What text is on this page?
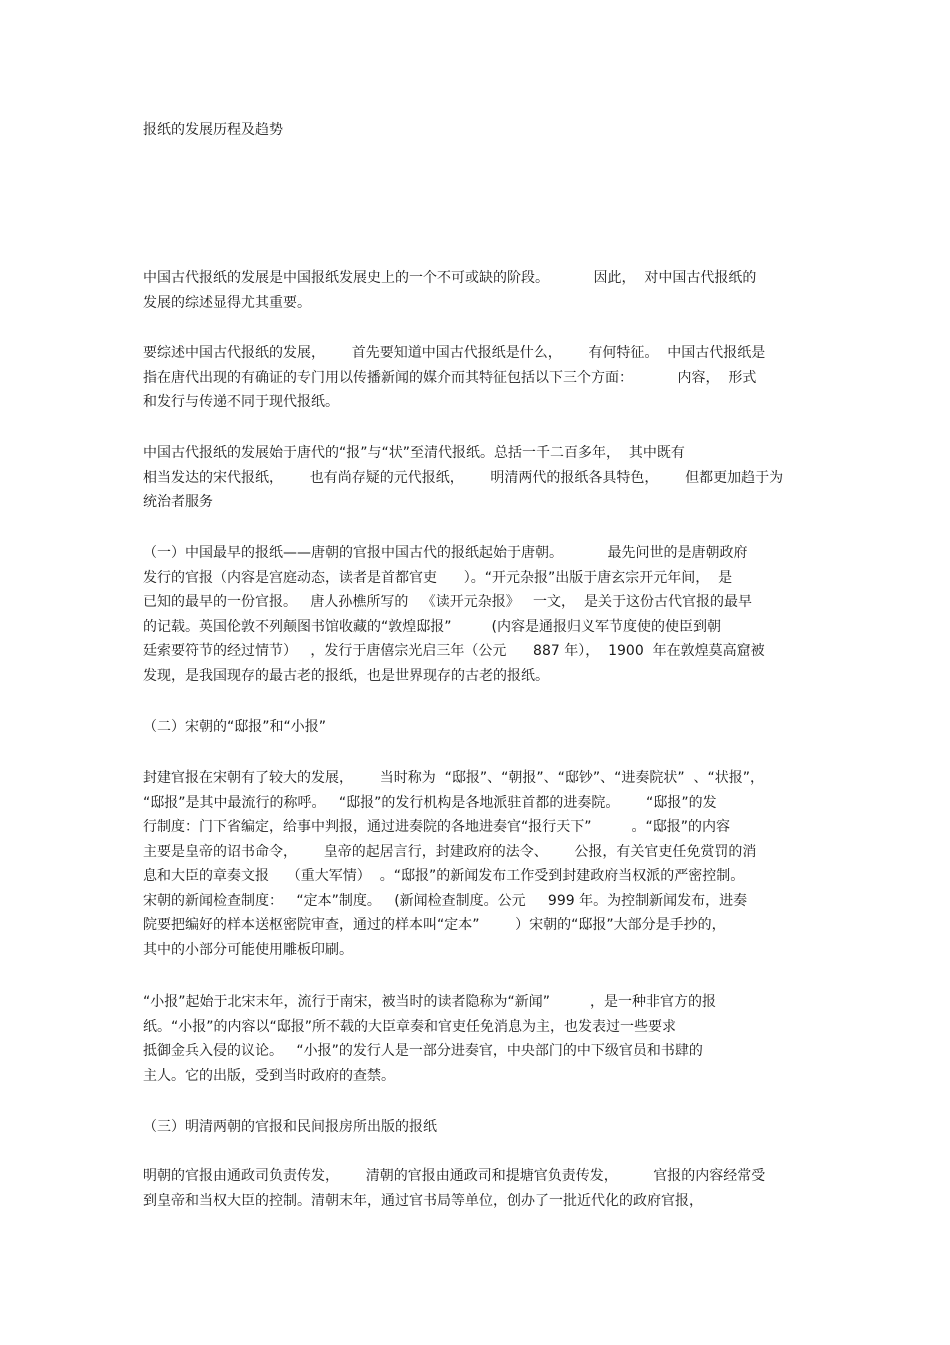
报纸的发展历程及趋势
中国古代报纸的发展是中国报纸发展史上的一个不可或缺的阶段。          因此，  对中国古代报纸的
发展的综述显得尤其重要。
要综述中国古代报纸的发展，      首先要知道中国古代报纸是什么，      有何特征。  中国古代报纸是
指在唐代出现的有确证的专门用以传播新闻的媒介而其特征包括以下三个方面：          内容，  形式
和发行与传递不同于现代报纸。
中国古代报纸的发展始于唐代的“报”与“状”至清代报纸。总括一千二百多年，  其中既有
相当发达的宋代报纸，      也有尚存疑的元代报纸，      明清两代的报纸各具特色，      但都更加趋于为
统治者服务
（一）中国最早的报纸——唐朝的官报中国古代的报纸起始于唐朝。          最先问世的是唐朝政府
发行的官报（内容是宫庭动态，读者是首都官吏      ）。“开元杂报”出版于唐玄宗开元年间，  是
已知的最早的一份官报。   唐人孙樵所写的   《读开元杂报》   一文，  是关于这份古代官报的最早
的记载。英国伦敦不列颠图书馆收藏的“敦煌邸报”         (内容是通报归义军节度使的使臣到朝
廷索要符节的经过情节）   ，发行于唐僖宗光启三年（公元      887 年），  1900  年在敦煌莫高窟被
发现，是我国现存的最古老的报纸，也是世界现存的古老的报纸。
（二）宋朝的“邸报”和“小报”
封建官报在宋朝有了较大的发展，      当时称为  “邸报”、“朝报”、“邸钞”、“进奏院状”  、“状报”，
“邸报”是其中最流行的称呼。   “邸报”的发行机构是各地派驻首都的进奏院。      “邸报”的发
行制度：门下省编定，给事中判报，通过进奏院的各地进奏官“报行天下”         。“邸报”的内容
主要是皇帝的诏书命令，      皇帝的起居言行，封建政府的法令、      公报，有关官吏任免赏罚的消
息和大臣的章奏文报    （重大军情）  。“邸报”的新闻发布工作受到封建政府当权派的严密控制。
宋朝的新闻检查制度：   “定本”制度。   (新闻检查制度。公元     999 年。为控制新闻发布，进奏
院要把编好的样本送枢密院审查，通过的样本叫“定本”        ）宋朝的“邸报”大部分是手抄的，
其中的小部分可能使用雕板印刷。
“小报”起始于北宋末年，流行于南宋，被当时的读者隐称为“新闻”         ，是一种非官方的报
纸。“小报”的内容以“邸报”所不载的大臣章奏和官吏任免消息为主，也发表过一些要求
抵御金兵入侵的议论。   “小报”的发行人是一部分进奏官，中央部门的中下级官员和书肆的
主人。它的出版，受到当时政府的查禁。
（三）明清两朝的官报和民间报房所出版的报纸
明朝的官报由通政司负责传发，      清朝的官报由通政司和提塘官负责传发，        官报的内容经常受
到皇帝和当权大臣的控制。清朝末年，通过官书局等单位，创办了一批近代化的政府官报，
